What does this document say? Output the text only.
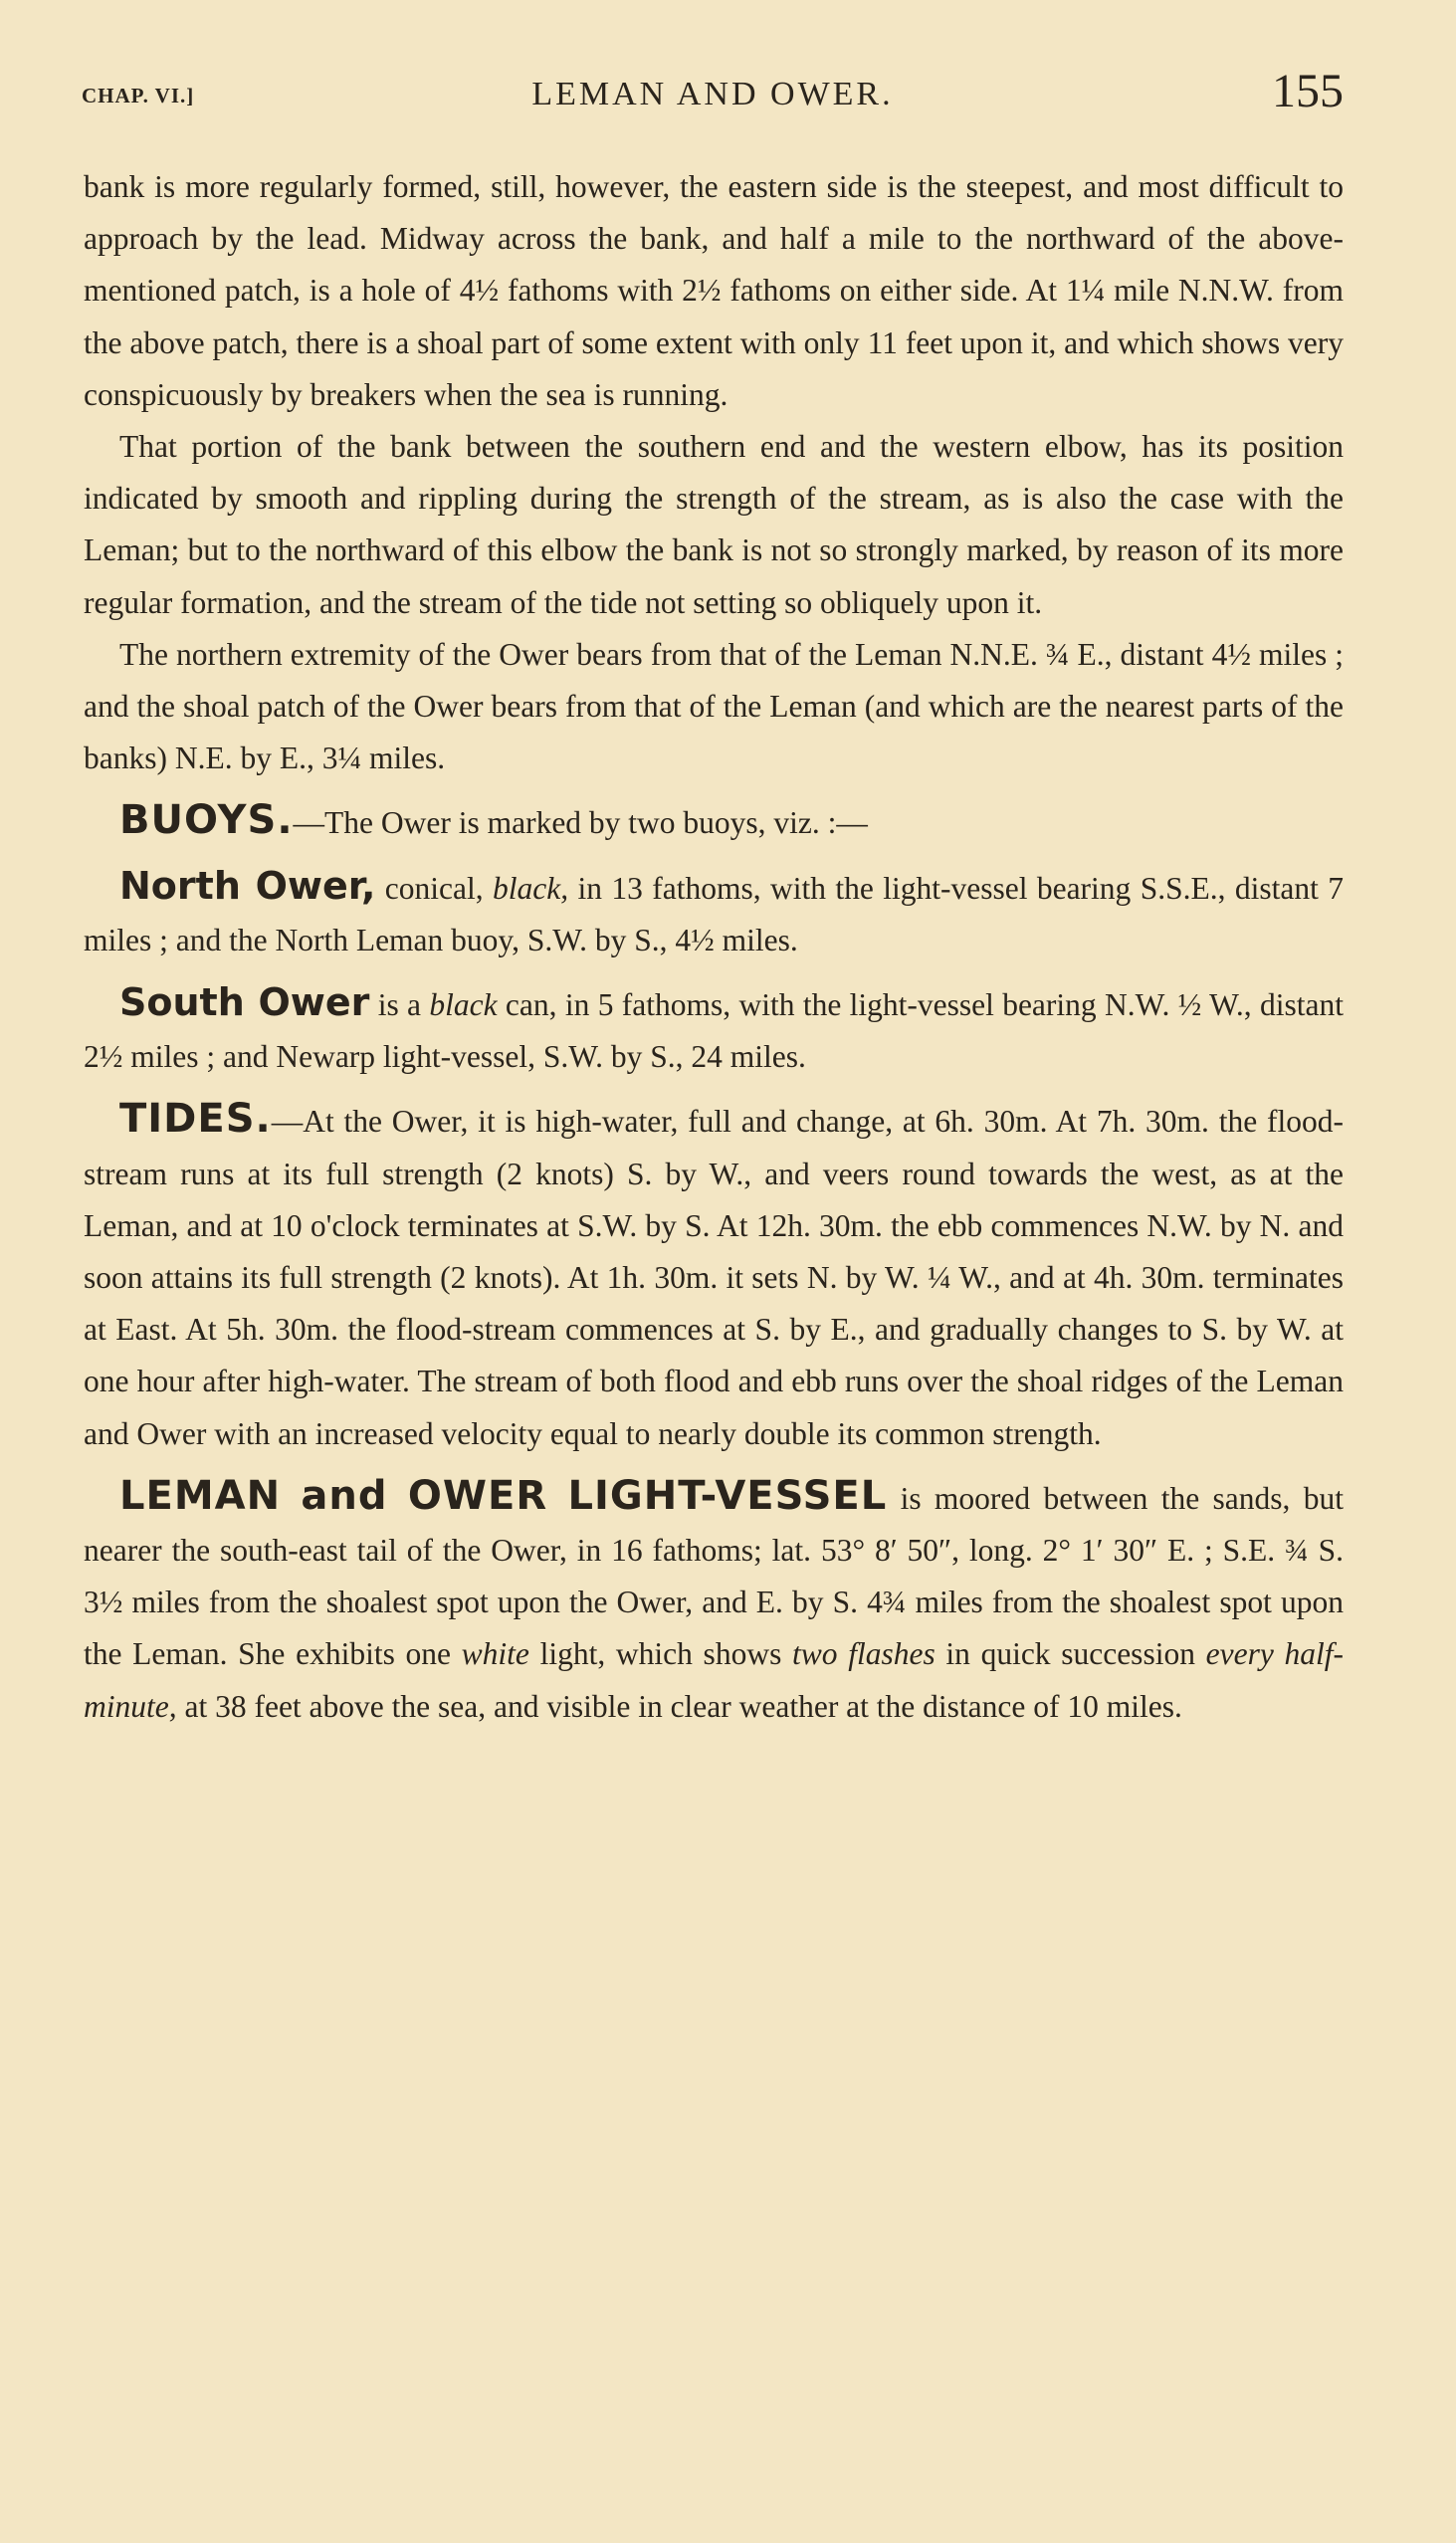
CHAP. VI.]	LEMAN AND OWER.	155

bank is more regularly formed, still, however, the eastern side is the steepest, and most difficult to approach by the lead. Midway across the bank, and half a mile to the northward of the above-mentioned patch, is a hole of 4½ fathoms with 2½ fathoms on either side. At 1¼ mile N.N.W. from the above patch, there is a shoal part of some extent with only 11 feet upon it, and which shows very conspicuously by breakers when the sea is running.

That portion of the bank between the southern end and the western elbow, has its position indicated by smooth and rippling during the strength of the stream, as is also the case with the Leman; but to the northward of this elbow the bank is not so strongly marked, by reason of its more regular formation, and the stream of the tide not setting so obliquely upon it.

The northern extremity of the Ower bears from that of the Leman N.N.E. ¾ E., distant 4½ miles ; and the shoal patch of the Ower bears from that of the Leman (and which are the nearest parts of the banks) N.E. by E., 3¼ miles.

BUOYS.—The Ower is marked by two buoys, viz. :—

North Ower, conical, black, in 13 fathoms, with the light-vessel bearing S.S.E., distant 7 miles ; and the North Leman buoy, S.W. by S., 4½ miles.

South Ower is a black can, in 5 fathoms, with the light-vessel bearing N.W. ½ W., distant 2½ miles ; and Newarp light-vessel, S.W. by S., 24 miles.

TIDES.—At the Ower, it is high-water, full and change, at 6h. 30m. At 7h. 30m. the flood-stream runs at its full strength (2 knots) S. by W., and veers round towards the west, as at the Leman, and at 10 o'clock terminates at S.W. by S. At 12h. 30m. the ebb commences N.W. by N. and soon attains its full strength (2 knots). At 1h. 30m. it sets N. by W. ¼ W., and at 4h. 30m. terminates at East. At 5h. 30m. the flood-stream commences at S. by E., and gradually changes to S. by W. at one hour after high-water. The stream of both flood and ebb runs over the shoal ridges of the Leman and Ower with an increased velocity equal to nearly double its common strength.

LEMAN and OWER LIGHT-VESSEL is moored between the sands, but nearer the south-east tail of the Ower, in 16 fathoms; lat. 53° 8′ 50″, long. 2° 1′ 30″ E. ; S.E. ¾ S. 3½ miles from the shoalest spot upon the Ower, and E. by S. 4¾ miles from the shoalest spot upon the Leman. She exhibits one white light, which shows two flashes in quick succession every half-minute, at 38 feet above the sea, and visible in clear weather at the distance of 10 miles.
